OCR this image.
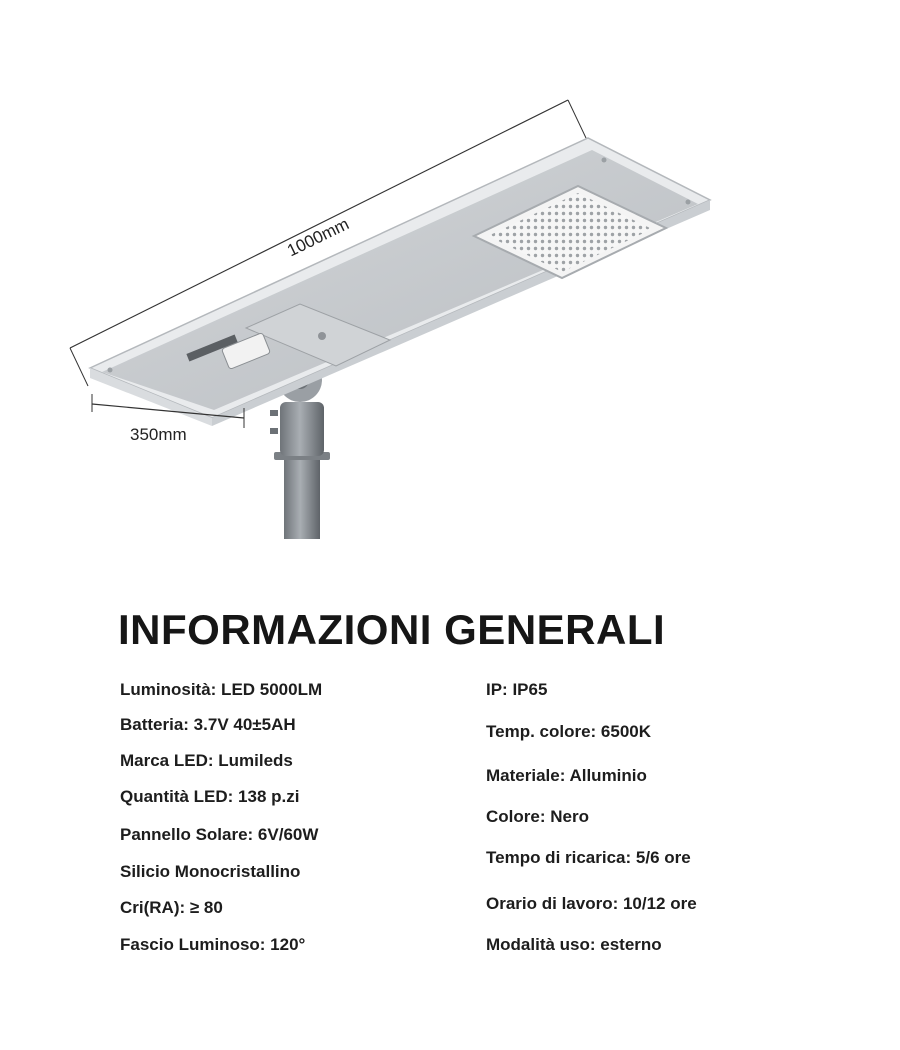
1000mm
350mm
INFORMAZIONI GENERALI
Luminosità: LED 5000LM
Batteria: 3.7V 40±5AH
Marca LED: Lumileds
Quantità LED: 138 p.zi
Pannello Solare: 6V/60W
Silicio Monocristallino
Cri(RA): ≥ 80
Fascio Luminoso: 120°
IP: IP65
Temp. colore: 6500K
Materiale: Alluminio
Colore: Nero
Tempo di ricarica: 5/6 ore
Orario di lavoro: 10/12 ore
Modalità uso: esterno
